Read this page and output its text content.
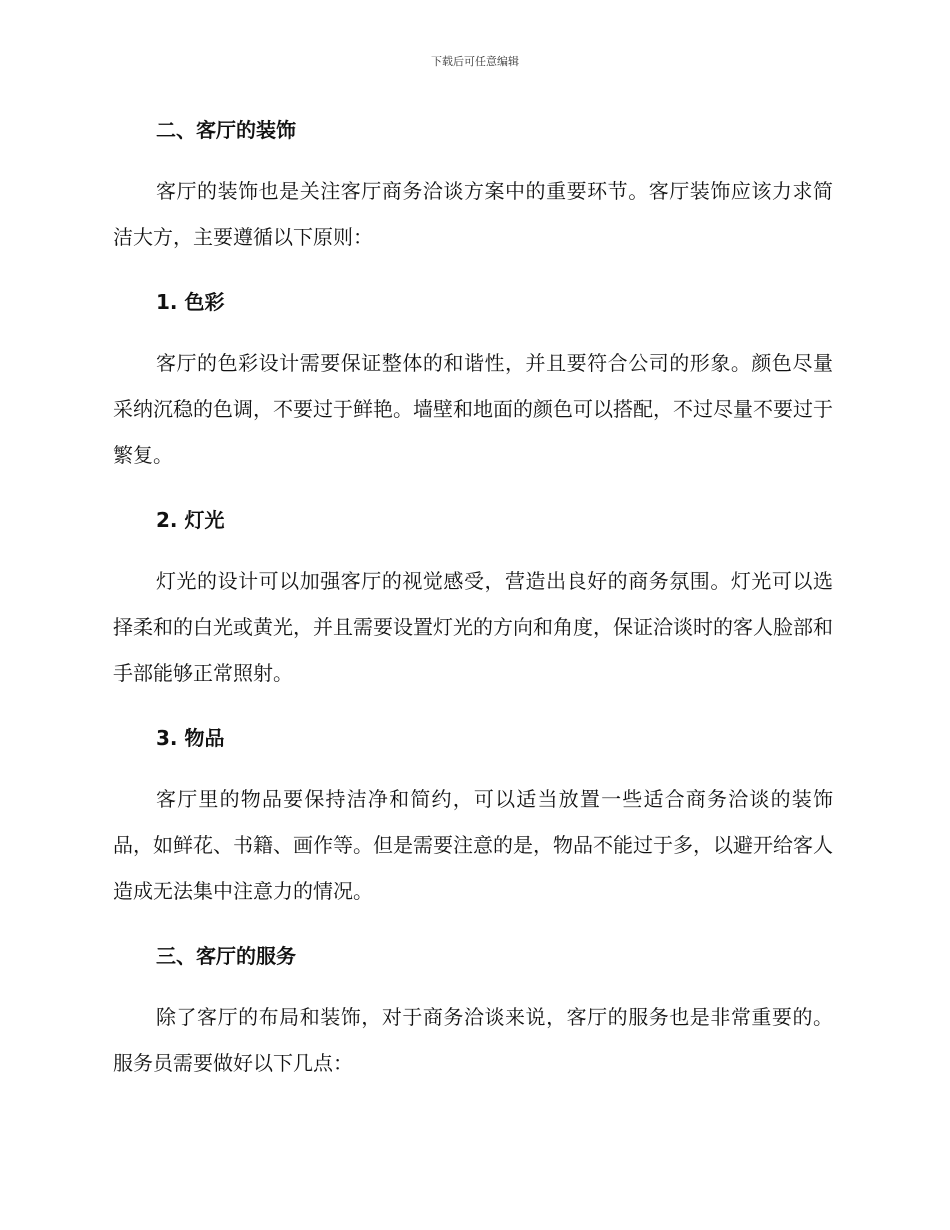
下载后可任意编辑
二、客厅的装饰

客厅的装饰也是关注客厅商务洽谈方案中的重要环节。客厅装饰应该力求简洁大方，主要遵循以下原则：

1. 色彩

客厅的色彩设计需要保证整体的和谐性，并且要符合公司的形象。颜色尽量采纳沉稳的色调，不要过于鲜艳。墙壁和地面的颜色可以搭配，不过尽量不要过于繁复。

2. 灯光

灯光的设计可以加强客厅的视觉感受，营造出良好的商务氛围。灯光可以选择柔和的白光或黄光，并且需要设置灯光的方向和角度，保证洽谈时的客人脸部和手部能够正常照射。

3. 物品

客厅里的物品要保持洁净和简约，可以适当放置一些适合商务洽谈的装饰品，如鲜花、书籍、画作等。但是需要注意的是，物品不能过于多，以避开给客人造成无法集中注意力的情况。

三、客厅的服务

除了客厅的布局和装饰，对于商务洽谈来说，客厅的服务也是非常重要的。服务员需要做好以下几点：
